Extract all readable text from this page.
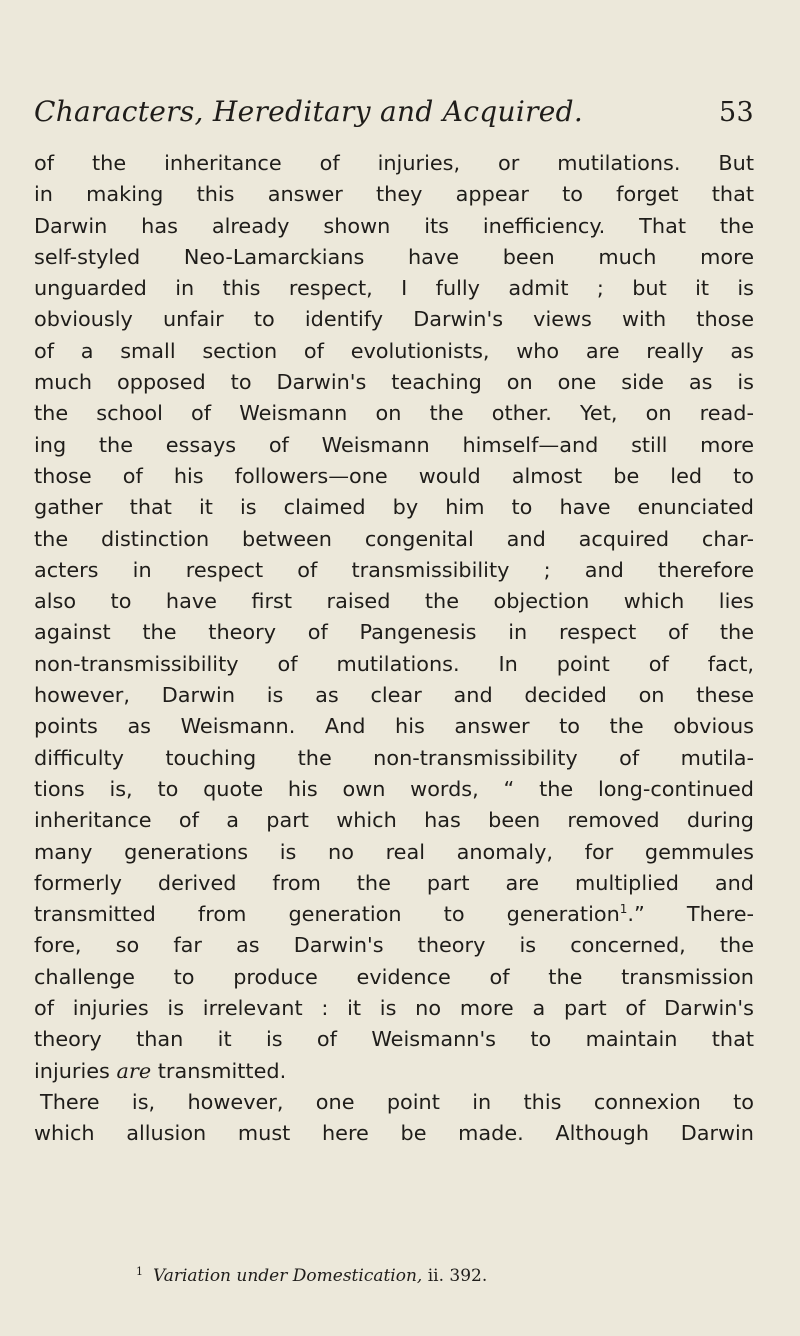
Characters, Hereditary and Acquired.	53
of the inheritance of injuries, or mutilations. But
in making this answer they appear to forget that
Darwin has already shown its inefficiency. That the
self-styled Neo-Lamarckians have been much more
unguarded in this respect, I fully admit ; but it is
obviously unfair to identify Darwin's views with those
of a small section of evolutionists, who are really as
much opposed to Darwin's teaching on one side as is
the school of Weismann on the other. Yet, on read-
ing the essays of Weismann himself—and still more
those of his followers—one would almost be led to
gather that it is claimed by him to have enunciated
the distinction between congenital and acquired char-
acters in respect of transmissibility ; and therefore
also to have first raised the objection which lies
against the theory of Pangenesis in respect of the
non-transmissibility of mutilations. In point of fact,
however, Darwin is as clear and decided on these
points as Weismann. And his answer to the obvious
difficulty touching the non-transmissibility of mutila-
tions is, to quote his own words, “ the long-continued
inheritance of a part which has been removed during
many generations is no real anomaly, for gemmules
formerly derived from the part are multiplied and
transmitted from generation to generation$^1$.” There-
fore, so far as Darwin's theory is concerned, the
challenge to produce evidence of the transmission
of injuries is irrelevant : it is no more a part of Darwin's
theory than it is of Weismann's to maintain that
injuries are transmitted.
There is, however, one point in this connexion to
which allusion must here be made. Although Darwin
$^1$ Variation under Domestication, ii. 392.
